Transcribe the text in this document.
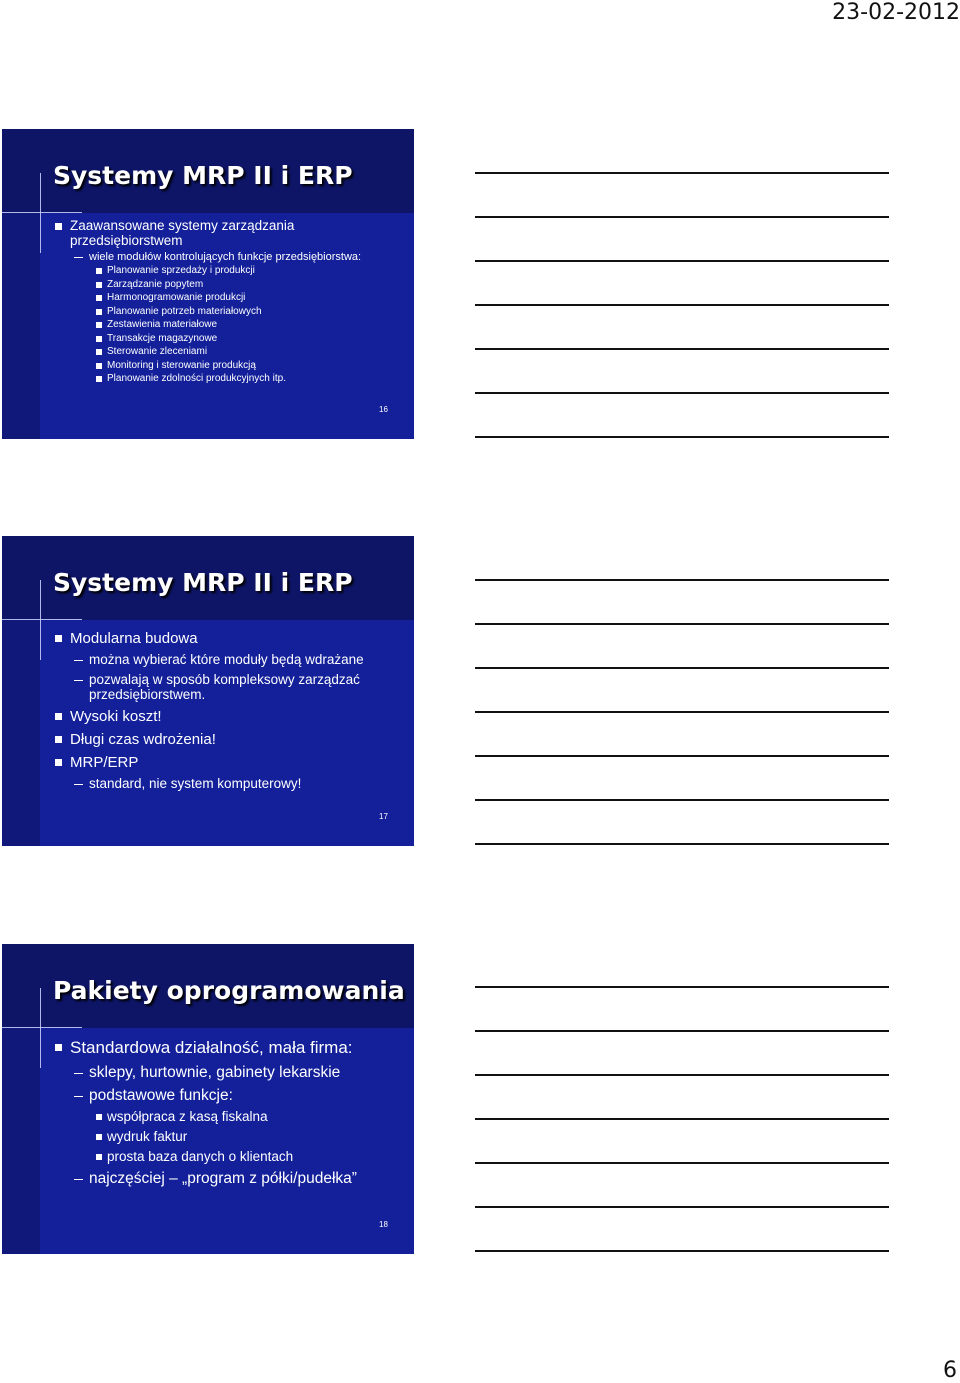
23-02-2012
Systemy MRP II i ERP
Zaawansowane systemy zarządzania
przedsiębiorstwem
wiele modułów kontrolujących funkcje przedsiębiorstwa:
Planowanie sprzedaży i produkcji
Zarządzanie popytem
Harmonogramowanie produkcji
Planowanie potrzeb materiałowych
Zestawienia materiałowe
Transakcje magazynowe
Sterowanie zleceniami
Monitoring i sterowanie produkcją
Planowanie zdolności produkcyjnych itp.
16
Systemy MRP II i ERP
Modularna budowa
można wybierać które moduły będą wdrażane
pozwalają w sposób kompleksowy zarządzać
przedsiębiorstwem.
Wysoki koszt!
Długi czas wdrożenia!
MRP/ERP
standard, nie system komputerowy!
17
Pakiety oprogramowania
Standardowa działalność, mała firma:
sklepy, hurtownie, gabinety lekarskie
podstawowe funkcje:
współpraca z kasą fiskalna
wydruk faktur
prosta baza danych o klientach
najczęściej – „program z półki/pudełka”
18
6
